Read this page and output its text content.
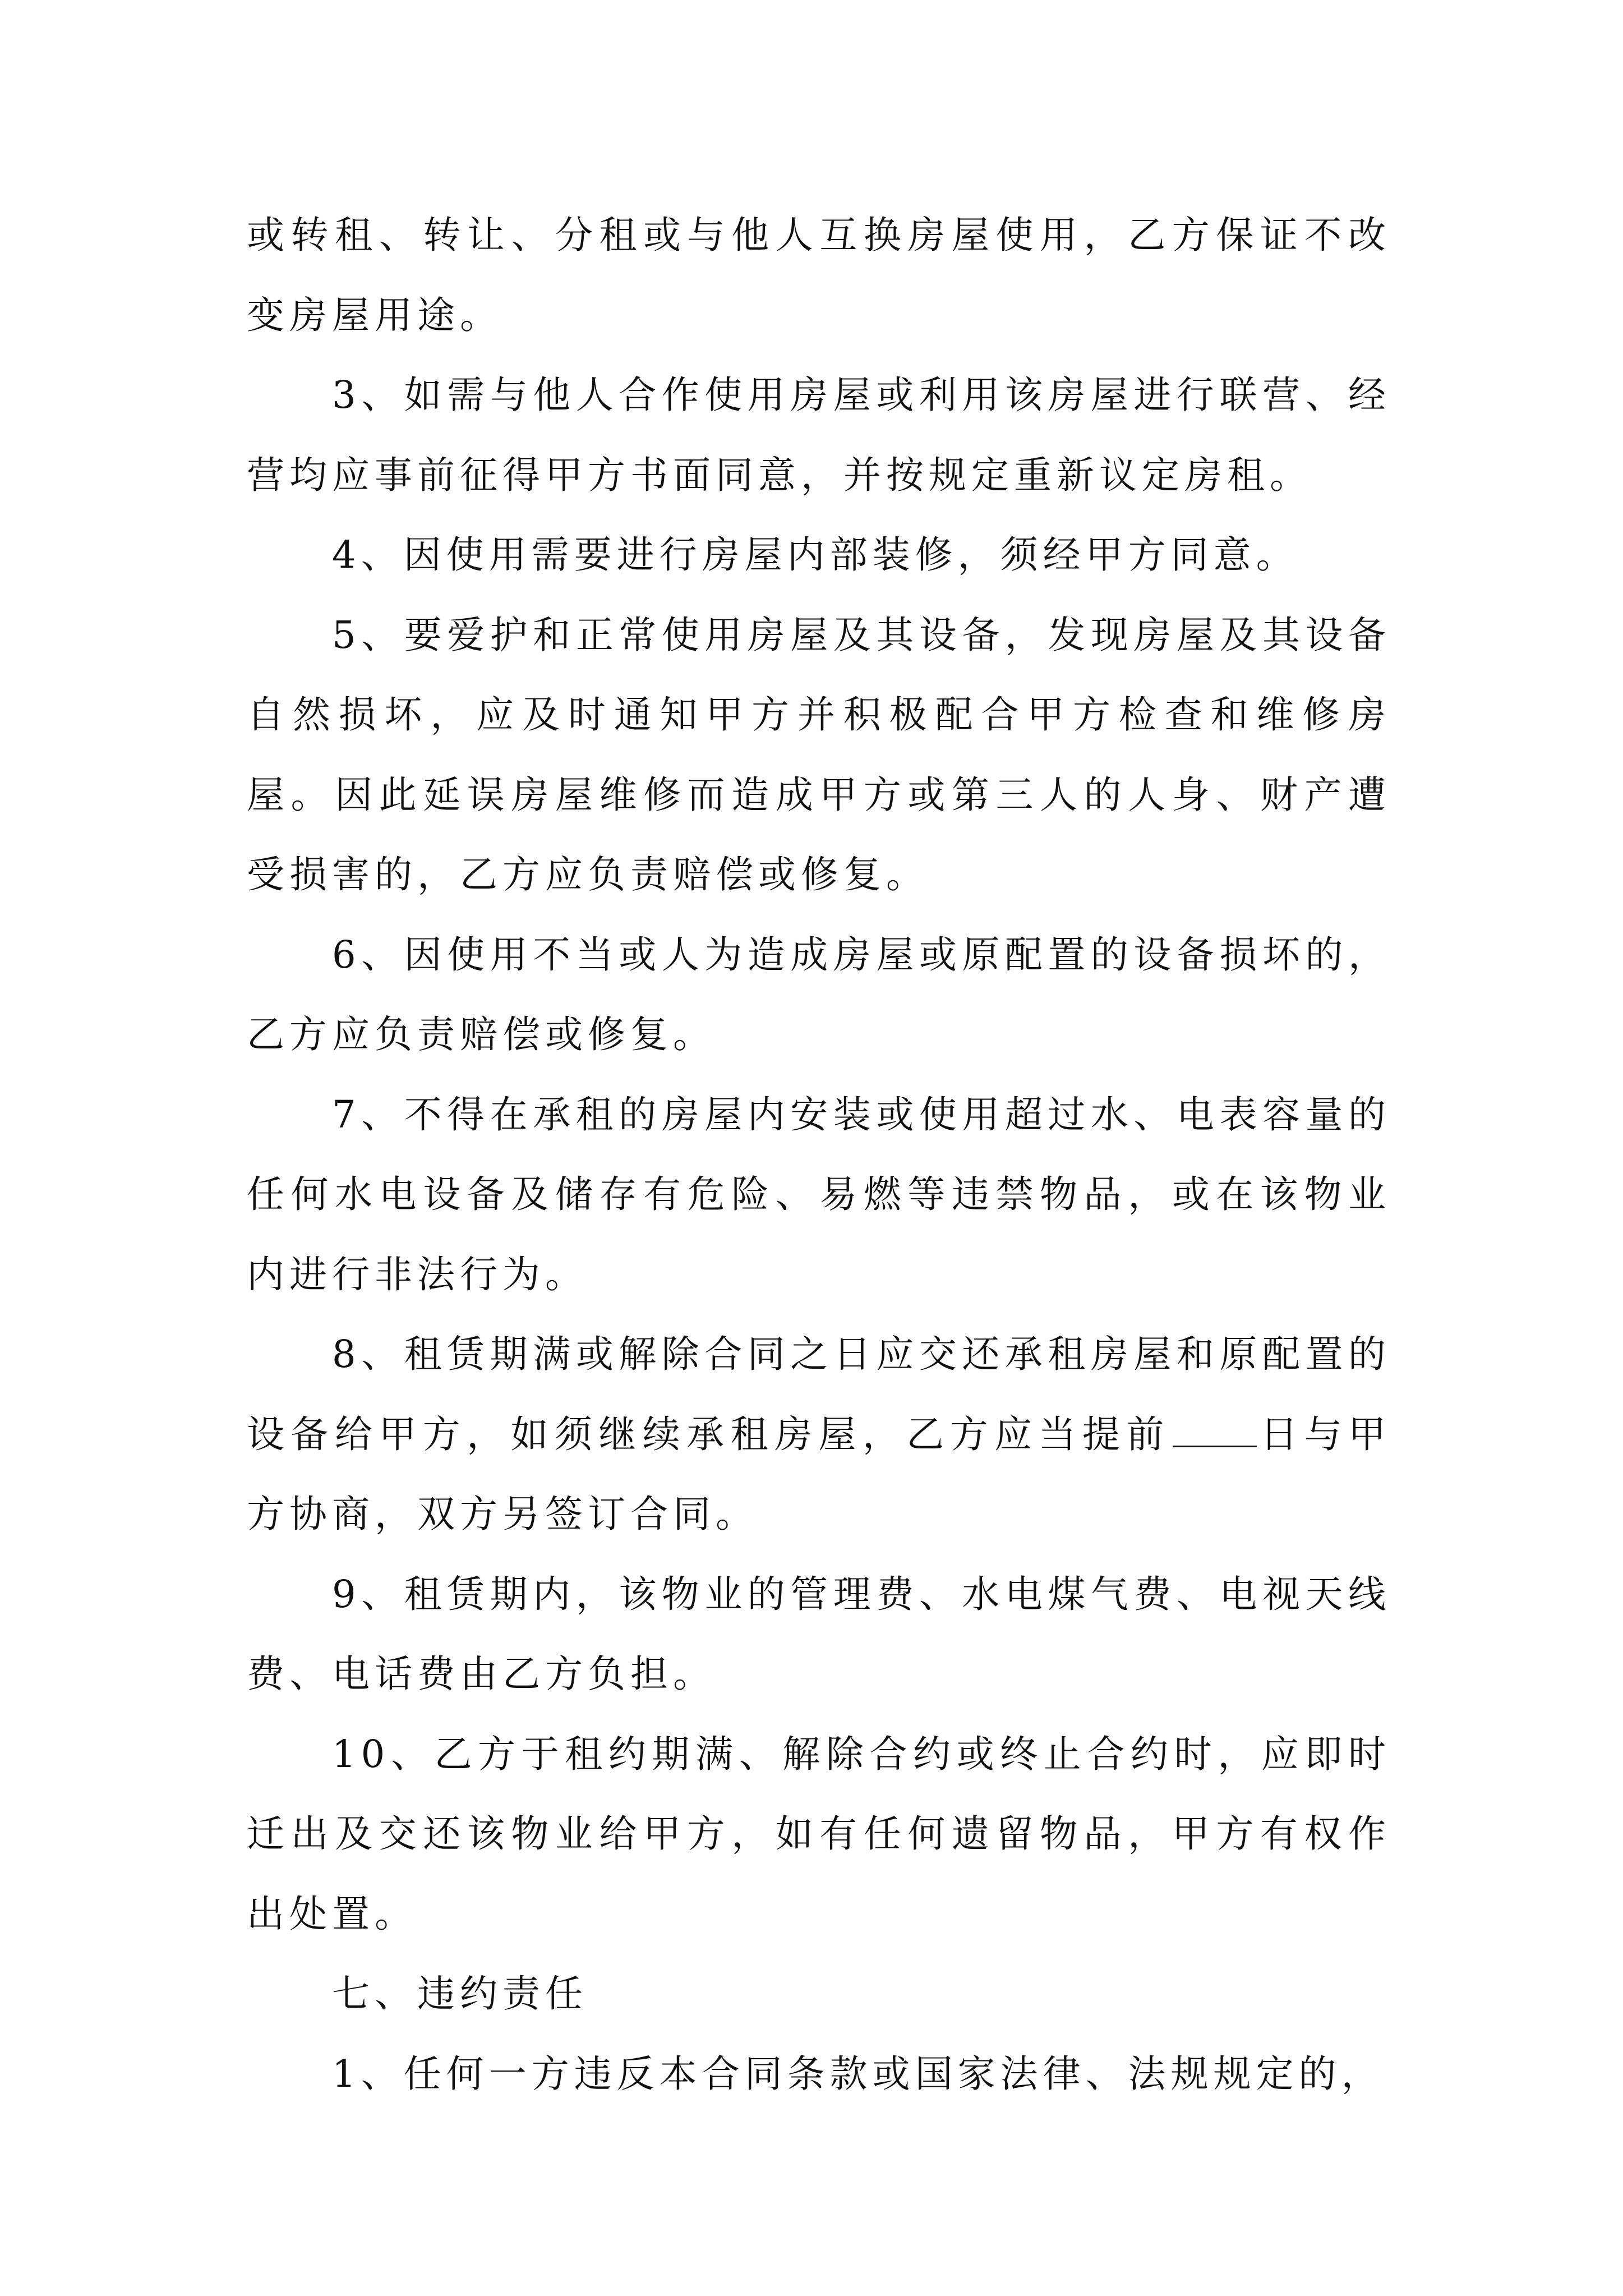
或转租、转让、分租或与他人互换房屋使用，乙方保证不改变房屋用途。

3、如需与他人合作使用房屋或利用该房屋进行联营、经营均应事前征得甲方书面同意，并按规定重新议定房租。

4、因使用需要进行房屋内部装修，须经甲方同意。

5、要爱护和正常使用房屋及其设备，发现房屋及其设备自然损坏，应及时通知甲方并积极配合甲方检查和维修房屋。因此延误房屋维修而造成甲方或第三人的人身、财产遭受损害的，乙方应负责赔偿或修复。

6、因使用不当或人为造成房屋或原配置的设备损坏的，乙方应负责赔偿或修复。

7、不得在承租的房屋内安装或使用超过水、电表容量的任何水电设备及储存有危险、易燃等违禁物品，或在该物业内进行非法行为。

8、租赁期满或解除合同之日应交还承租房屋和原配置的设备给甲方，如须继续承租房屋，乙方应当提前 日与甲方协商，双方另签订合同。

9、租赁期内，该物业的管理费、水电煤气费、电视天线费、电话费由乙方负担。

10、乙方于租约期满、解除合约或终止合约时，应即时迁出及交还该物业给甲方，如有任何遗留物品，甲方有权作出处置。

七、违约责任

1、任何一方违反本合同条款或国家法律、法规规定的，
